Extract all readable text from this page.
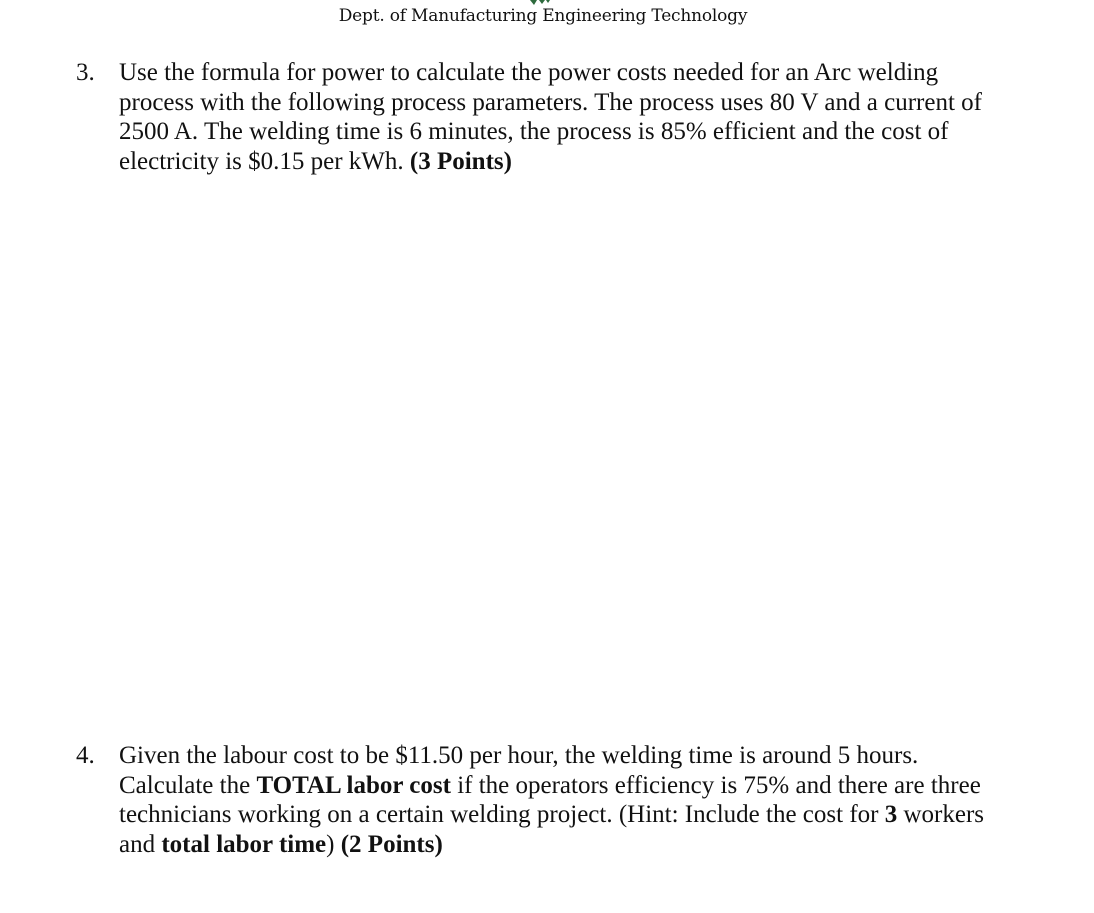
Dept. of Manufacturing Engineering Technology
3. Use the formula for power to calculate the power costs needed for an Arc welding
process with the following process parameters. The process uses 80 V and a current of
2500 A. The welding time is 6 minutes, the process is 85% efficient and the cost of
electricity is $0.15 per kWh. (3 Points)
4. Given the labour cost to be $11.50 per hour, the welding time is around 5 hours.
Calculate the TOTAL labor cost if the operators efficiency is 75% and there are three
technicians working on a certain welding project. (Hint: Include the cost for 3 workers
and total labor time) (2 Points)
